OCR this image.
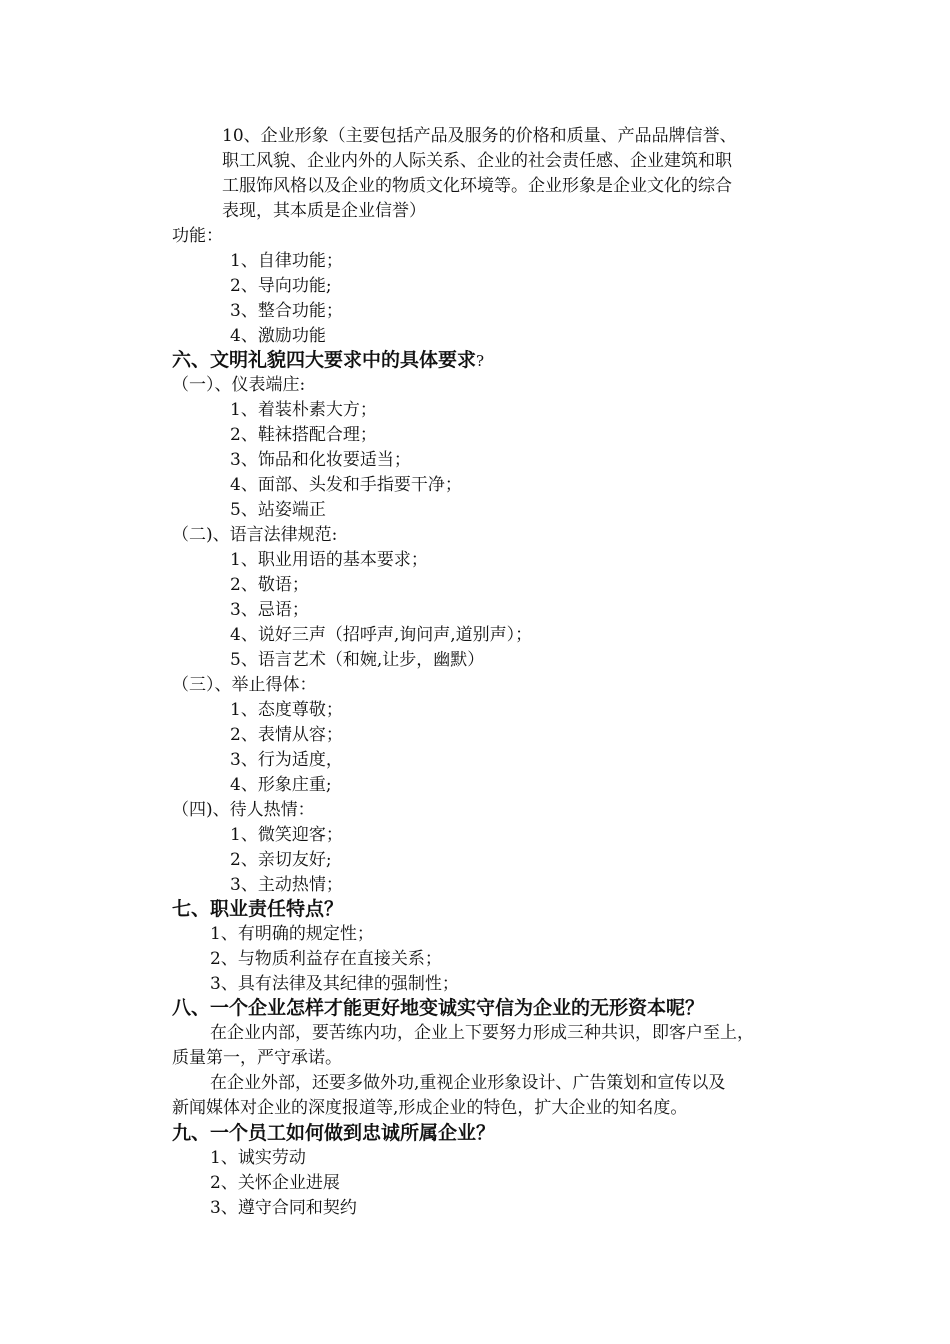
10、企业形象（主要包括产品及服务的价格和质量、产品品牌信誉、
职工风貌、企业内外的人际关系、企业的社会责任感、企业建筑和职
工服饰风格以及企业的物质文化环境等。企业形象是企业文化的综合
表现，其本质是企业信誉）
功能：
1、自律功能；
2、导向功能;
3、整合功能；
4、激励功能
六、文明礼貌四大要求中的具体要求?
（一）、仪表端庄:
1、着装朴素大方；
2、鞋袜搭配合理；
3、饰品和化妆要适当；
4、面部、头发和手指要干净；
5、站姿端正
（二)、语言法律规范:
1、职业用语的基本要求；
2、敬语；
3、忌语；
4、说好三声（招呼声,询问声,道别声）；
5、语言艺术（和婉,让步，幽默）
（三）、举止得体：
1、态度尊敬；
2、表情从容；
3、行为适度，
4、形象庄重;
（四)、待人热情：
1、微笑迎客；
2、亲切友好;
3、主动热情；
七、职业责任特点？
1、有明确的规定性；
2、与物质利益存在直接关系；
3、具有法律及其纪律的强制性；
八、一个企业怎样才能更好地变诚实守信为企业的无形资本呢？
在企业内部，要苦练内功，企业上下要努力形成三种共识，即客户至上，
质量第一，严守承诺。
在企业外部，还要多做外功,重视企业形象设计、广告策划和宣传以及
新闻媒体对企业的深度报道等,形成企业的特色，扩大企业的知名度。
九、一个员工如何做到忠诚所属企业？
1、诚实劳动
2、关怀企业进展
3、遵守合同和契约
